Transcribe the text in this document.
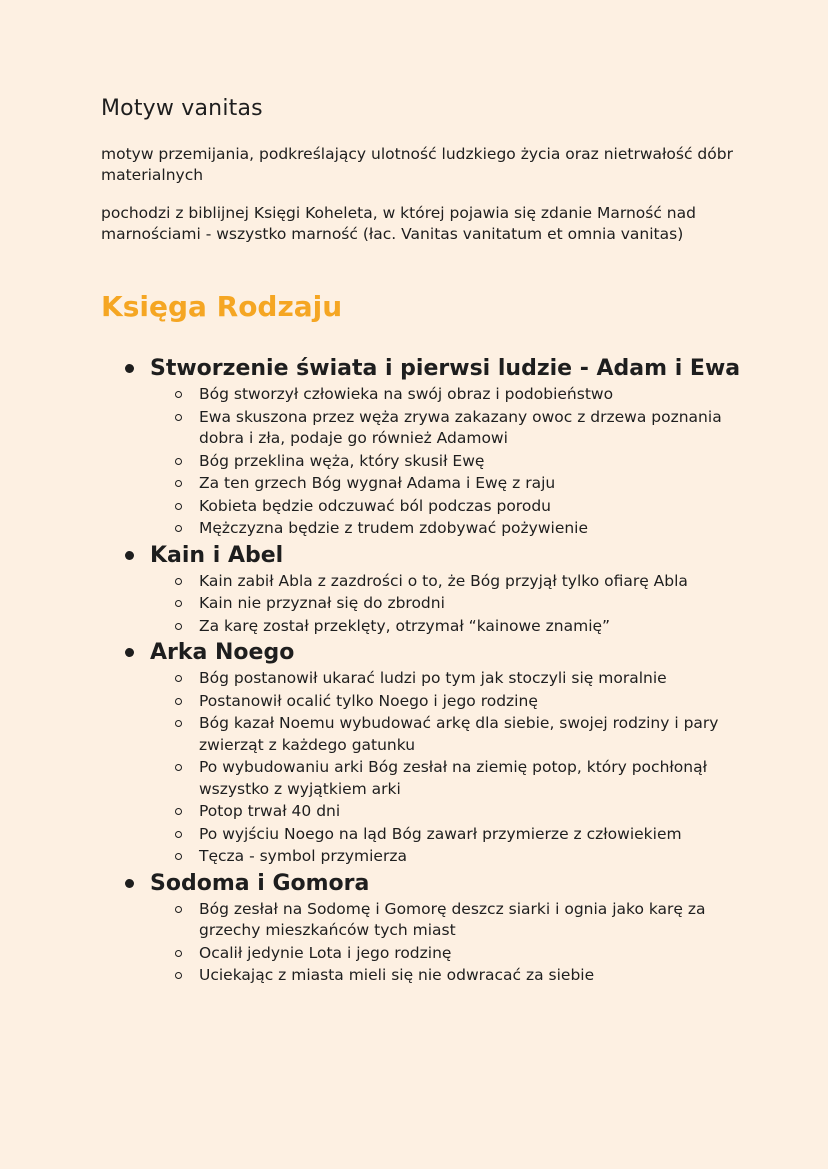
Motyw vanitas

motyw przemijania, podkreślający ulotność ludzkiego życia oraz nietrwałość dóbr materialnych

pochodzi z biblijnej Księgi Koheleta, w której pojawia się zdanie Marność nad marnościami - wszystko marność (łac. Vanitas vanitatum et omnia vanitas)

Księga Rodzaju
Stworzenie świata i pierwsi ludzie - Adam i Ewa
Bóg stworzył człowieka na swój obraz i podobieństwo
Ewa skuszona przez węża zrywa zakazany owoc z drzewa poznania dobra i zła, podaje go również Adamowi
Bóg przeklina węża, który skusił Ewę
Za ten grzech Bóg wygnał Adama i Ewę z raju
Kobieta będzie odczuwać ból podczas porodu
Mężczyzna będzie z trudem zdobywać pożywienie
Kain i Abel
Kain zabił Abla z zazdrości o to, że Bóg przyjął tylko ofiarę Abla
Kain nie przyznał się do zbrodni
Za karę został przeklęty, otrzymał “kainowe znamię”
Arka Noego
Bóg postanowił ukarać ludzi po tym jak stoczyli się moralnie
Postanowił ocalić tylko Noego i jego rodzinę
Bóg kazał Noemu wybudować arkę dla siebie, swojej rodziny i pary zwierząt z każdego gatunku
Po wybudowaniu arki Bóg zesłał na ziemię potop, który pochłonął wszystko z wyjątkiem arki
Potop trwał 40 dni
Po wyjściu Noego na ląd Bóg zawarł przymierze z człowiekiem
Tęcza - symbol przymierza
Sodoma i Gomora
Bóg zesłał na Sodomę i Gomorę deszcz siarki i ognia jako karę za grzechy mieszkańców tych miast
Ocalił jedynie Lota i jego rodzinę
Uciekając z miasta mieli się nie odwracać za siebie
